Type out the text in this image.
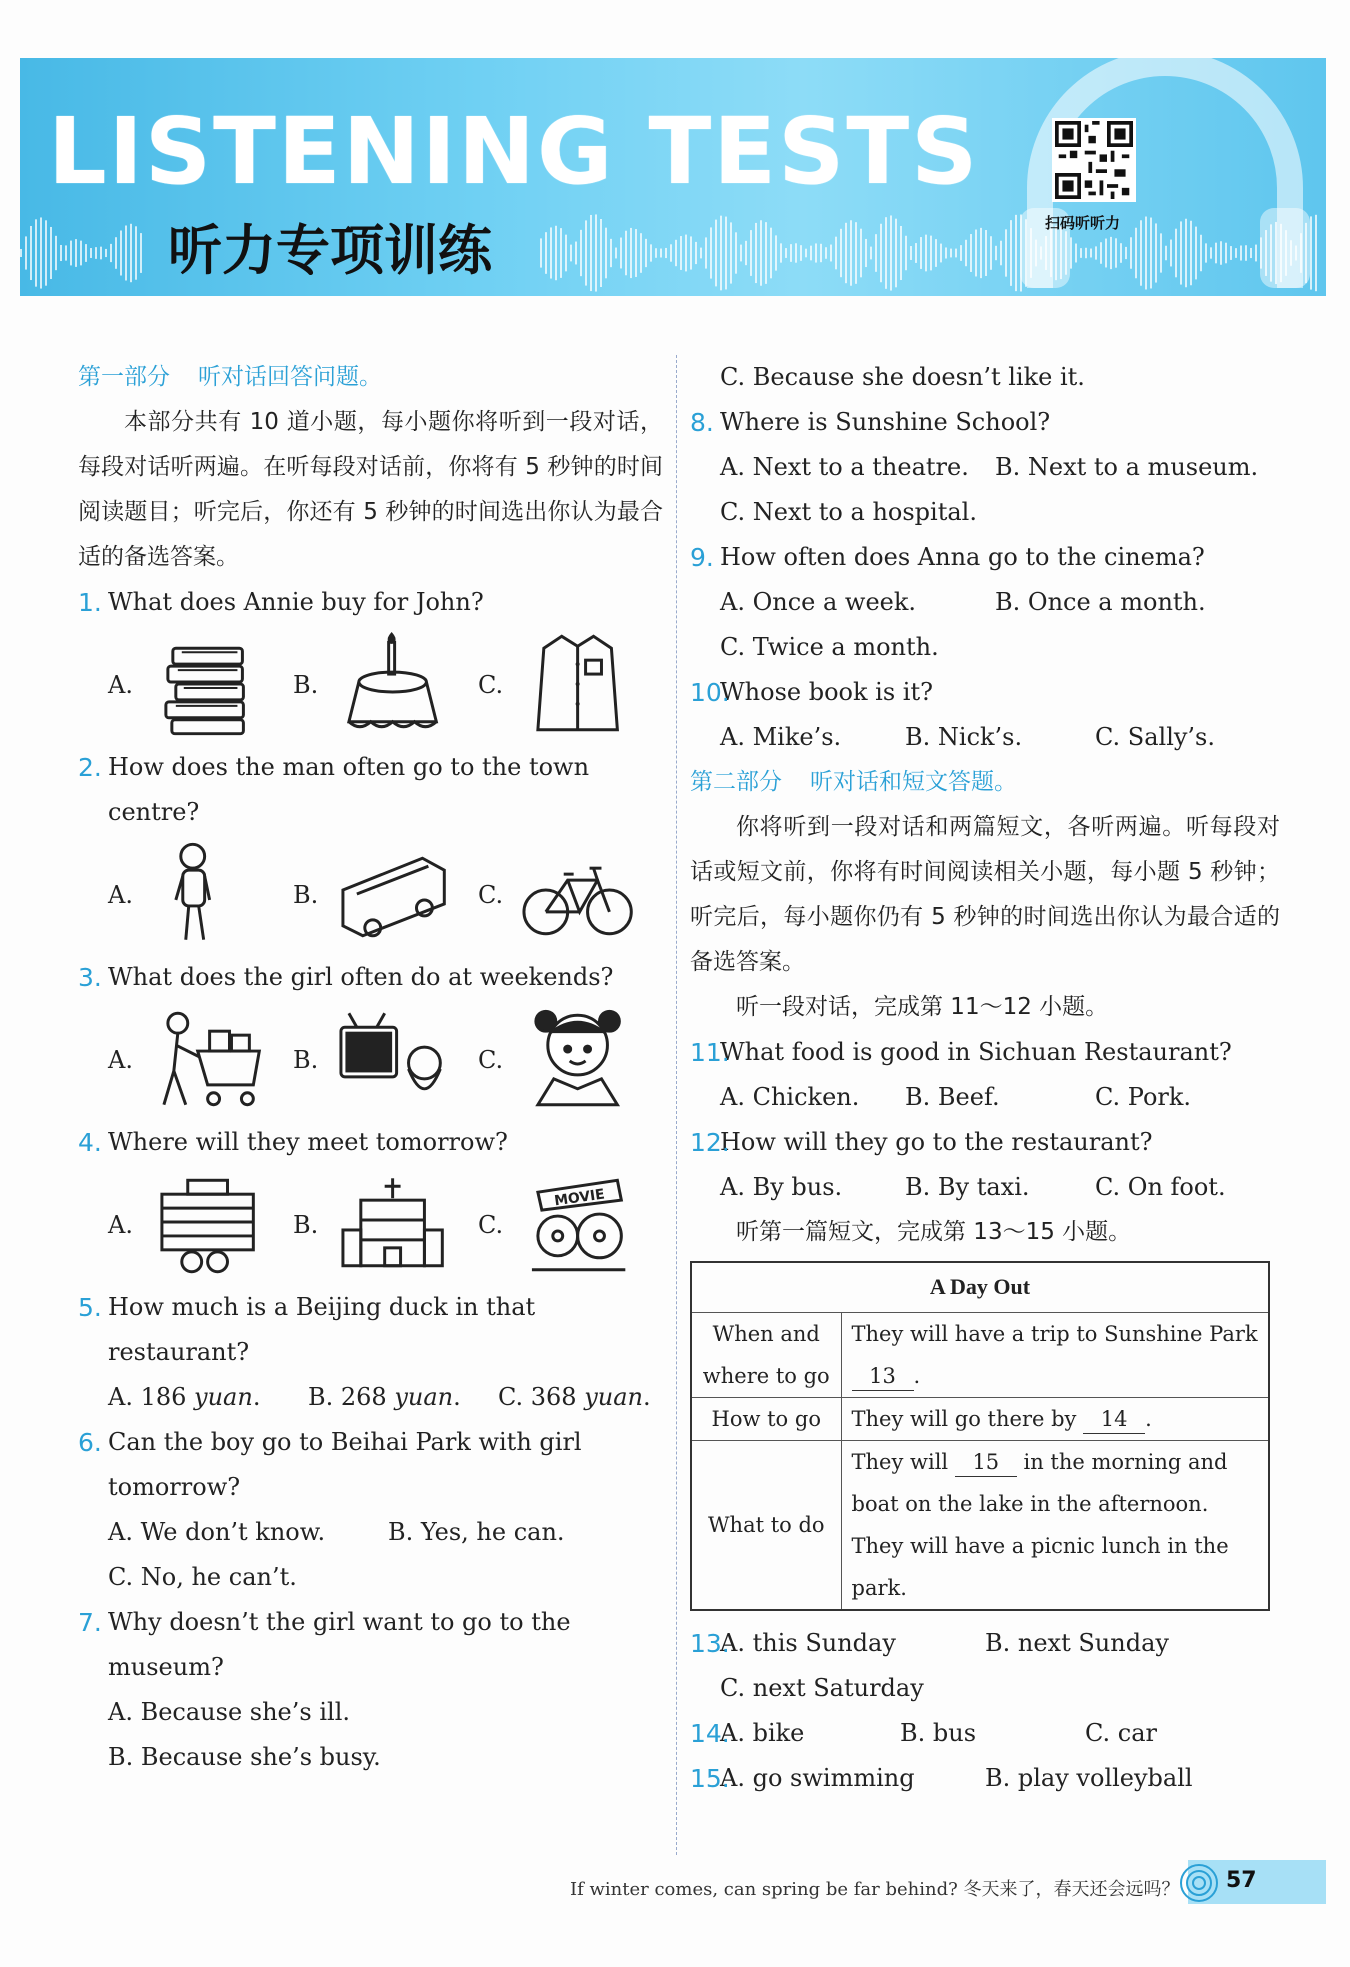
LISTENING TESTS
听力专项训练	扫码听听力
第一部分 听对话回答问题。
本部分共有 10 道小题，每小题你将听到一段对话，每段对话听两遍。在听每段对话前，你将有 5 秒钟的时间阅读题目；听完后，你还有 5 秒钟的时间选出你认为最合适的备选答案。
1. What does Annie buy for John?
A.	B.	C.
2. How does the man often go to the town centre?
A.	B.	C.
3. What does the girl often do at weekends?
A.	B.	C.
4. Where will they meet tomorrow?
A.	B.	C.
MOVIE
5. How much is a Beijing duck in that restaurant?
A. 186 yuan.	B. 268 yuan.	C. 368 yuan.
6. Can the boy go to Beihai Park with girl tomorrow?
A. We don’t know.	B. Yes, he can.
C. No, he can’t.
7. Why doesn’t the girl want to go to the museum?
A. Because she’s ill.
B. Because she’s busy.
C. Because she doesn’t like it.
8. Where is Sunshine School?
A. Next to a theatre.	B. Next to a museum.
C. Next to a hospital.
9. How often does Anna go to the cinema?
A. Once a week.	B. Once a month.
C. Twice a month.
10.
Whose book is it?
A. Mike’s.	B. Nick’s.	C. Sally’s.
第二部分 听对话和短文答题。
你将听到一段对话和两篇短文，各听两遍。听每段对话或短文前，你将有时间阅读相关小题，每小题 5 秒钟；听完后，每小题你仍有 5 秒钟的时间选出你认为最合适的备选答案。
听一段对话，完成第 11～12 小题。
11.
What food is good in Sichuan Restaurant?
A. Chicken.	B. Beef.	C. Pork.
12.
How will they go to the restaurant?
A. By bus.	B. By taxi.	C. On foot.
听第一篇短文，完成第 13～15 小题。
A Day Out	
When and where to go	They will have a trip to Sunshine Park 13 .
How to go	They will go there by 14 .
What to do	They will 15 in the morning and boat on the lake in the afternoon. They will have a picnic lunch in the park.
13.
A. this Sunday	B. next Sunday
C. next Saturday
14.
A. bike	B. bus	C. car
15.
A. go swimming	B. play volleyball
If winter comes, can spring be far behind? 冬天来了，春天还会远吗？ 57
